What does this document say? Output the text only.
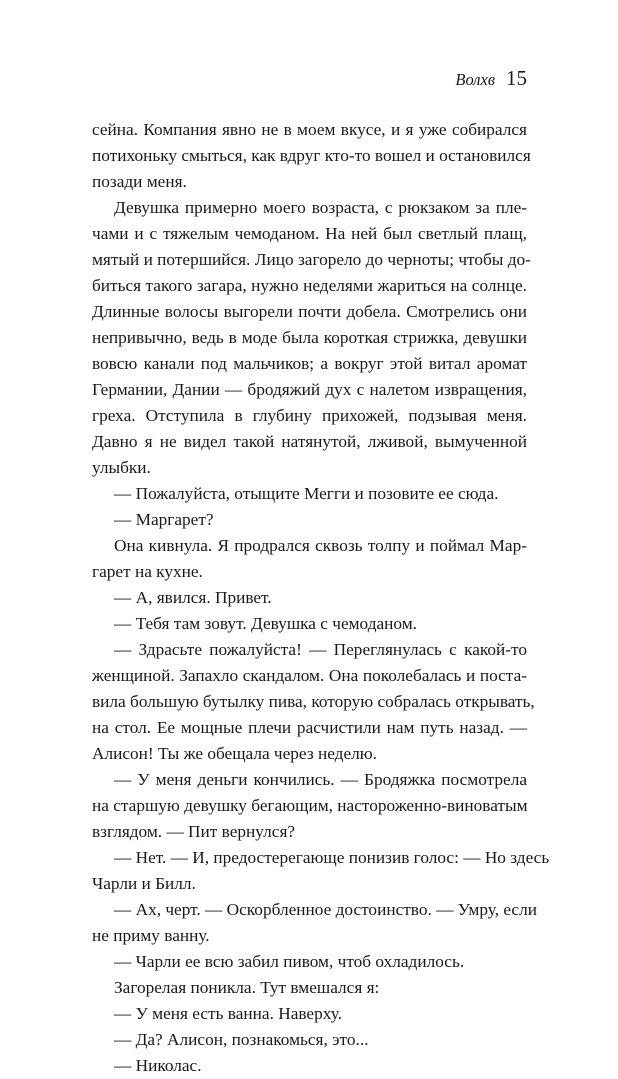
Волхв 15

сейна. Компания явно не в моем вкусе, и я уже собирался
потихоньку смыться, как вдруг кто-то вошел и остановился
позади меня.

Девушка примерно моего возраста, с рюкзаком за пле-
чами и с тяжелым чемоданом. На ней был светлый плащ,
мятый и потершийся. Лицо загорело до черноты; чтобы до-
биться такого загара, нужно неделями жариться на солнце.
Длинные волосы выгорели почти добела. Смотрелись они
непривычно, ведь в моде была короткая стрижка, девушки
вовсю канали под мальчиков; а вокруг этой витал аромат
Германии, Дании — бродяжий дух с налетом извращения,
греха. Отступила в глубину прихожей, подзывая меня.
Давно я не видел такой натянутой, лживой, вымученной
улыбки.

— Пожалуйста, отыщите Мегги и позовите ее сюда.

— Маргарет?

Она кивнула. Я продрался сквозь толпу и поймал Мар-
гарет на кухне.

— А, явился. Привет.

— Тебя там зовут. Девушка с чемоданом.

— Здрасьте пожалуйста! — Переглянулась с какой-то
женщиной. Запахло скандалом. Она поколебалась и поста-
вила большую бутылку пива, которую собралась открывать,
на стол. Ее мощные плечи расчистили нам путь назад. —
Алисон! Ты же обещала через неделю.

— У меня деньги кончились. — Бродяжка посмотрела
на старшую девушку бегающим, настороженно-виноватым
взглядом. — Пит вернулся?

— Нет. — И, предостерегающе понизив голос: — Но здесь
Чарли и Билл.

— Ах, черт. — Оскорбленное достоинство. — Умру, если
не приму ванну.

— Чарли ее всю забил пивом, чтоб охладилось.

Загорелая поникла. Тут вмешался я:

— У меня есть ванна. Наверху.

— Да? Алисон, познакомься, это...

— Николас.
